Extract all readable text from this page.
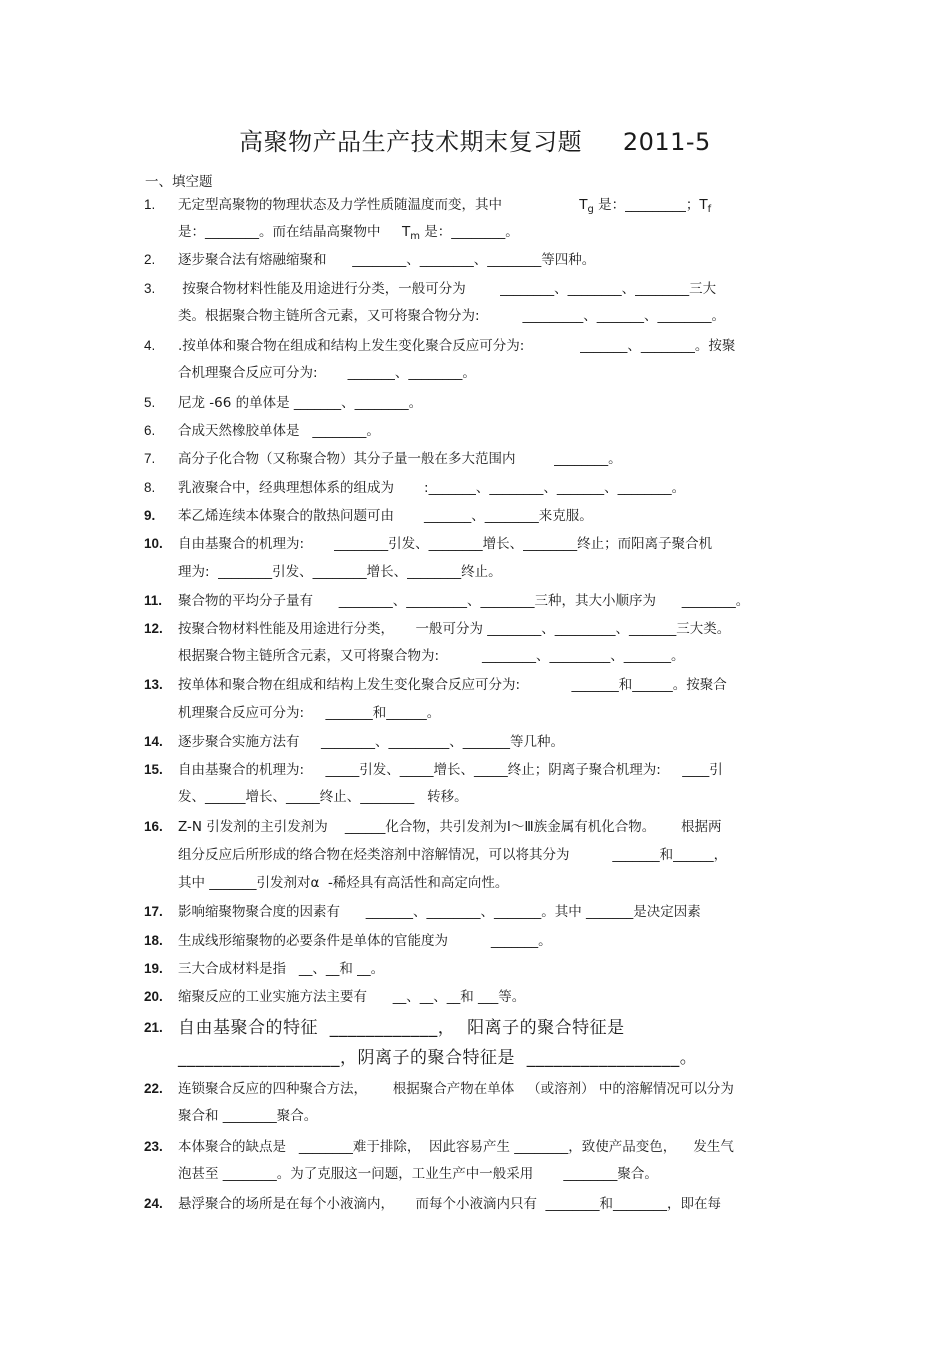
高聚物产品生产技术期末复习题     2011-5
一、填空题
1. 无定型高聚物的物理状态及力学性质随温度而变，其中                  $T_g$ 是：_________；$T_f$
是：________。而在结晶高聚物中     $T_m$ 是：________。
2. 逐步聚合法有熔融缩聚和      ________、________、________等四种。
3. 按聚合物材料性能及用途进行分类，一般可分为        ________、________、________三大
类。根据聚合物主链所含元素，又可将聚合物分为:          _________、_______、________。
4. .按单体和聚合物在组成和结构上发生变化聚合反应可分为:             _______、________。按聚
合机理聚合反应可分为:       _______、________。
5. 尼龙 -66 的单体是 _______、________。
6. 合成天然橡胶单体是   ________。
7. 高分子化合物（又称聚合物）其分子量一般在多大范围内         ________。
8. 乳液聚合中，经典理想体系的组成为       :_______、________、_______、________。
9. 苯乙烯连续本体聚合的散热问题可由       _______、________来克服。
10. 自由基聚合的机理为:       ________引发、________增长、________终止；而阳离子聚合机
理为:  ________引发、________增长、________终止。
11. 聚合物的平均分子量有      ________、_________、________三种，其大小顺序为      ________。
12. 按聚合物材料性能及用途进行分类，     一般可分为 ________、_________、_______三大类。
根据聚合物主链所含元素，又可将聚合物为:          ________、_________、_______。
13. 按单体和聚合物在组成和结构上发生变化聚合反应可分为:            _______和______。按聚合
机理聚合反应可分为:     _______和______。
14. 逐步聚合实施方法有     ________、_________、_______等几种。
15. 自由基聚合的机理为:     _____引发、_____增长、_____终止；阴离子聚合机理为:     ____引
发、______增长、_____终止、________   转移。
16. Z-N 引发剂的主引发剂为    ______化合物，共引发剂为Ⅰ～Ⅲ族金属有机化合物。      根据两
组分反应后所形成的络合物在烃类溶剂中溶解情况，可以将其分为          _______和______，
其中 _______引发剂对α  -稀烃具有高活性和高定向性。
17. 影响缩聚物聚合度的因素有      _______、________、_______。其中 _______是决定因素
18. 生成线形缩聚物的必要条件是单体的官能度为          _______。
19. 三大合成材料是指   __、__和 __。
20. 缩聚反应的工业实施方法主要有      __、__、__和 ___等。
21. 自由基聚合的特征  ____________，  阳离子的聚合特征是
__________________，阴离子的聚合特征是  _________________。
22. 连锁聚合反应的四种聚合方法，      根据聚合产物在单体   （或溶剂） 中的溶解情况可以分为
聚合和 ________聚合。
23. 本体聚合的缺点是   ________难于排除，  因此容易产生 ________，致使产品变色，    发生气
泡甚至 ________。为了克服这一问题，工业生产中一般采用       ________聚合。
24. 悬浮聚合的场所是在每个小液滴内，     而每个小液滴内只有  ________和________，即在每
